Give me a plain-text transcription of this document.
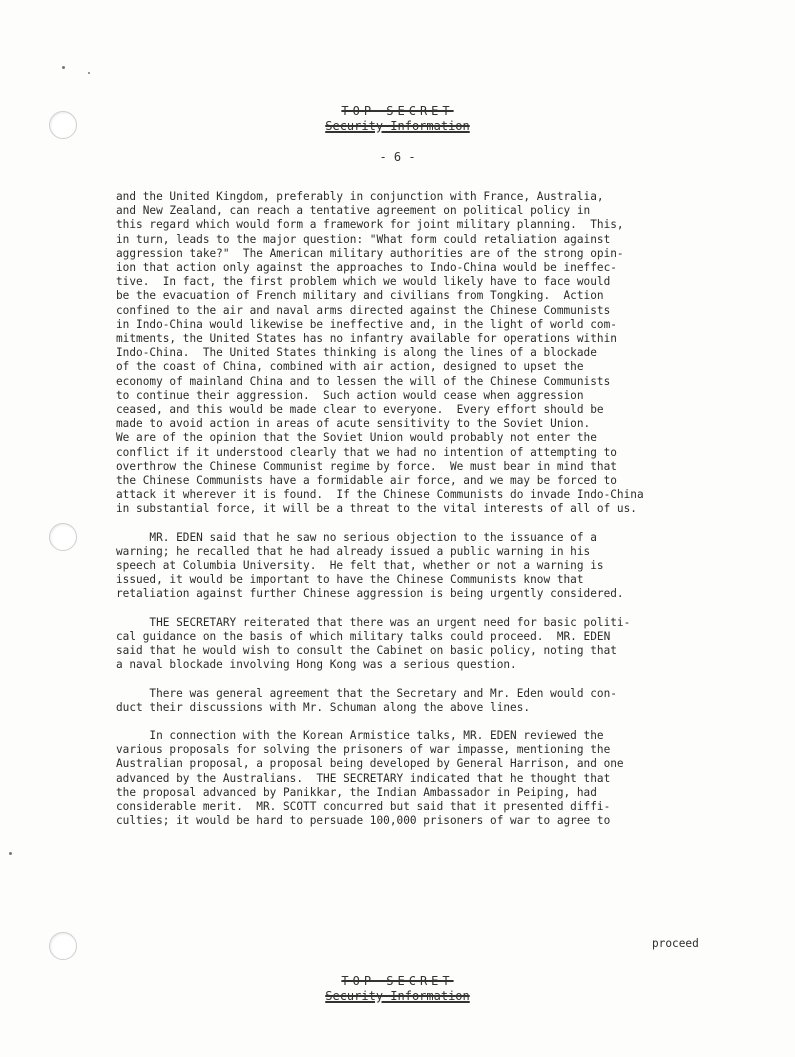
TOP SECRET
Security Information
- 6 -

and the United Kingdom, preferably in conjunction with France, Australia,
and New Zealand, can reach a tentative agreement on political policy in
this regard which would form a framework for joint military planning.  This,
in turn, leads to the major question: "What form could retaliation against
aggression take?"  The American military authorities are of the strong opin-
ion that action only against the approaches to Indo-China would be ineffec-
tive.  In fact, the first problem which we would likely have to face would
be the evacuation of French military and civilians from Tongking.  Action
confined to the air and naval arms directed against the Chinese Communists
in Indo-China would likewise be ineffective and, in the light of world com-
mitments, the United States has no infantry available for operations within
Indo-China.  The United States thinking is along the lines of a blockade
of the coast of China, combined with air action, designed to upset the
economy of mainland China and to lessen the will of the Chinese Communists
to continue their aggression.  Such action would cease when aggression
ceased, and this would be made clear to everyone.  Every effort should be
made to avoid action in areas of acute sensitivity to the Soviet Union.
We are of the opinion that the Soviet Union would probably not enter the
conflict if it understood clearly that we had no intention of attempting to
overthrow the Chinese Communist regime by force.  We must bear in mind that
the Chinese Communists have a formidable air force, and we may be forced to
attack it wherever it is found.  If the Chinese Communists do invade Indo-China
in substantial force, it will be a threat to the vital interests of all of us.

MR. EDEN said that he saw no serious objection to the issuance of a
warning; he recalled that he had already issued a public warning in his
speech at Columbia University.  He felt that, whether or not a warning is
issued, it would be important to have the Chinese Communists know that
retaliation against further Chinese aggression is being urgently considered.

THE SECRETARY reiterated that there was an urgent need for basic politi-
cal guidance on the basis of which military talks could proceed.  MR. EDEN
said that he would wish to consult the Cabinet on basic policy, noting that
a naval blockade involving Hong Kong was a serious question.

There was general agreement that the Secretary and Mr. Eden would con-
duct their discussions with Mr. Schuman along the above lines.

In connection with the Korean Armistice talks, MR. EDEN reviewed the
various proposals for solving the prisoners of war impasse, mentioning the
Australian proposal, a proposal being developed by General Harrison, and one
advanced by the Australians.  THE SECRETARY indicated that he thought that
the proposal advanced by Panikkar, the Indian Ambassador in Peiping, had
considerable merit.  MR. SCOTT concurred but said that it presented diffi-
culties; it would be hard to persuade 100,000 prisoners of war to agree to

proceed
TOP SECRET
Security Information
